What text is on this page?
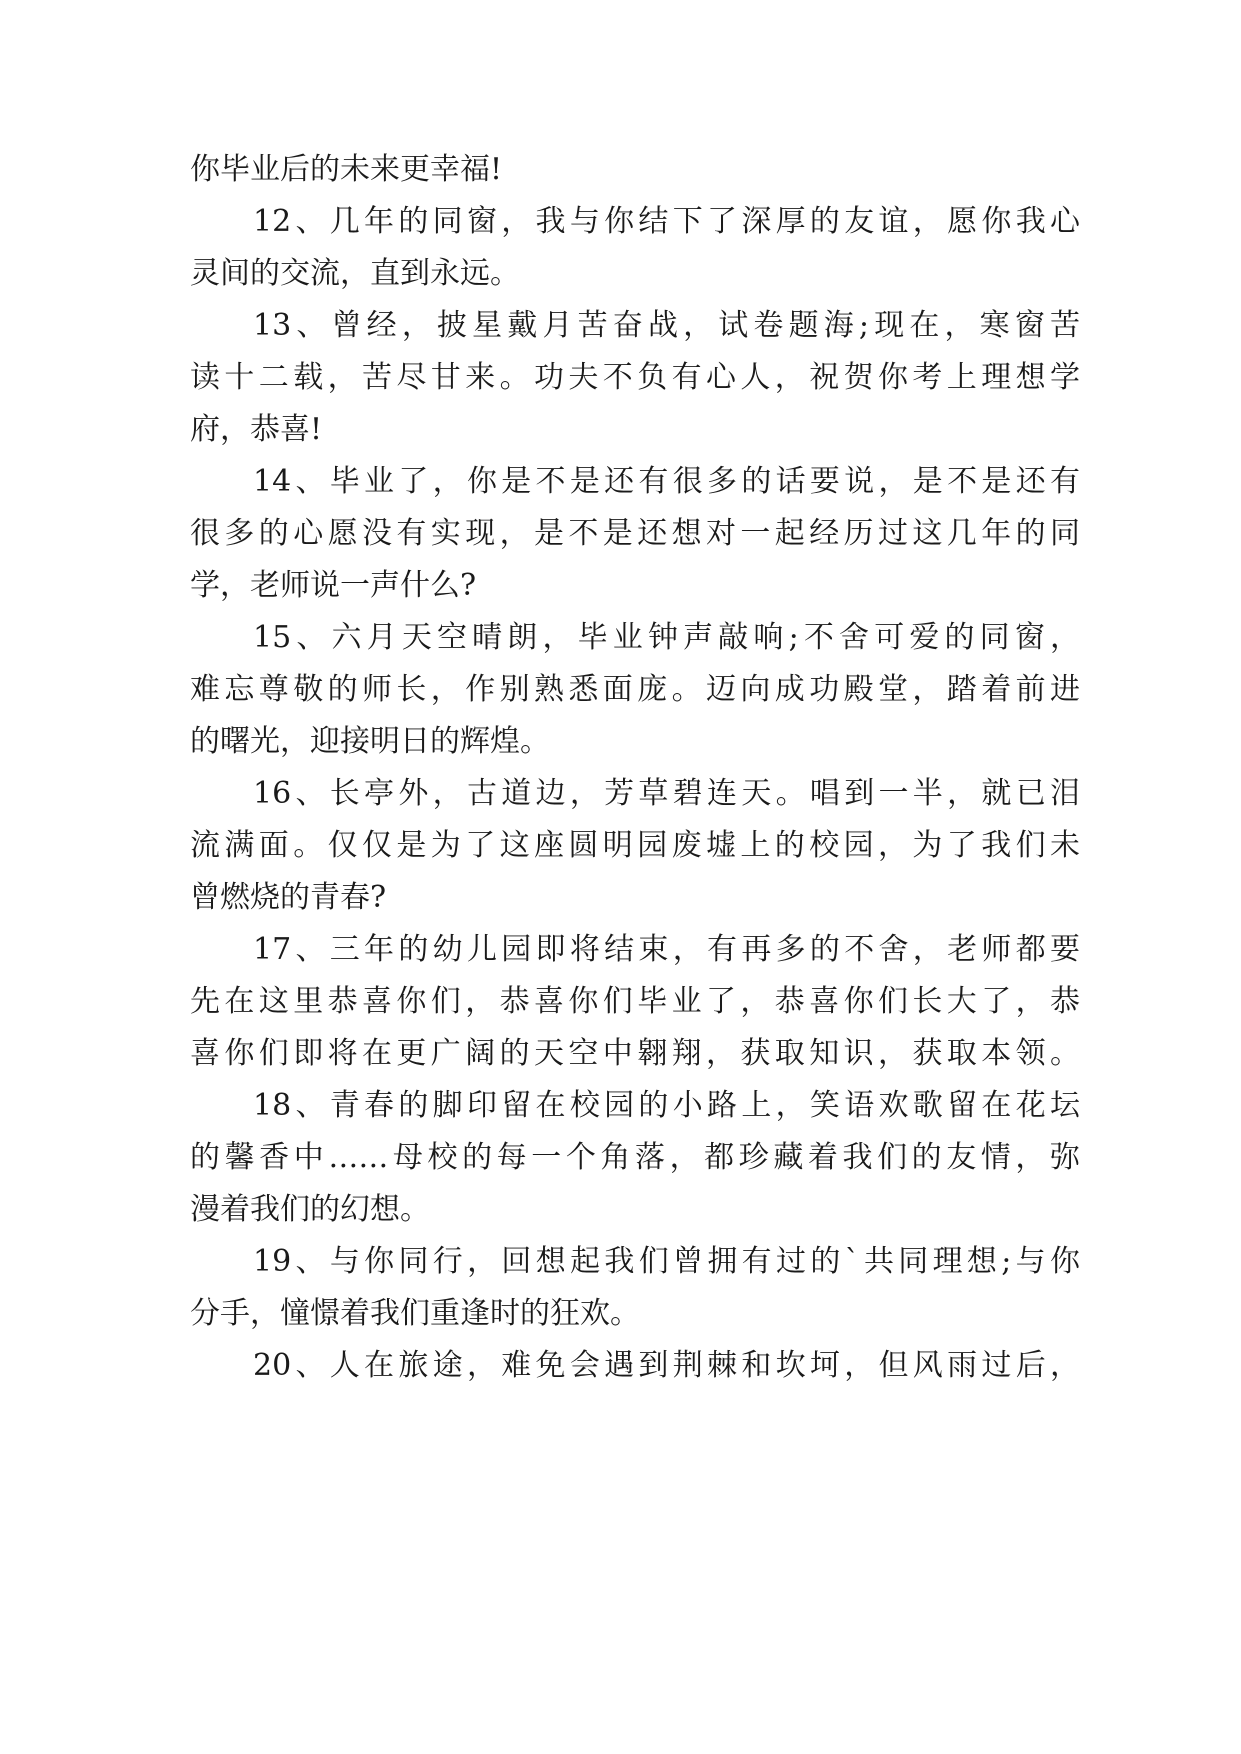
你毕业后的未来更幸福!
12、几年的同窗，我与你结下了深厚的友谊，愿你我心
灵间的交流，直到永远。
13、曾经，披星戴月苦奋战，试卷题海;现在，寒窗苦
读十二载，苦尽甘来。功夫不负有心人，祝贺你考上理想学
府，恭喜!
14、毕业了，你是不是还有很多的话要说，是不是还有
很多的心愿没有实现，是不是还想对一起经历过这几年的同
学，老师说一声什么?
15、六月天空晴朗，毕业钟声敲响;不舍可爱的同窗，
难忘尊敬的师长，作别熟悉面庞。迈向成功殿堂，踏着前进
的曙光，迎接明日的辉煌。
16、长亭外，古道边，芳草碧连天。唱到一半，就已泪
流满面。仅仅是为了这座圆明园废墟上的校园，为了我们未
曾燃烧的青春?
17、三年的幼儿园即将结束，有再多的不舍，老师都要
先在这里恭喜你们，恭喜你们毕业了，恭喜你们长大了，恭
喜你们即将在更广阔的天空中翱翔，获取知识，获取本领。
18、青春的脚印留在校园的小路上，笑语欢歌留在花坛
的馨香中……母校的每一个角落，都珍藏着我们的友情，弥
漫着我们的幻想。
19、与你同行，回想起我们曾拥有过的`共同理想;与你
分手，憧憬着我们重逢时的狂欢。
20、人在旅途，难免会遇到荆棘和坎坷，但风雨过后，
